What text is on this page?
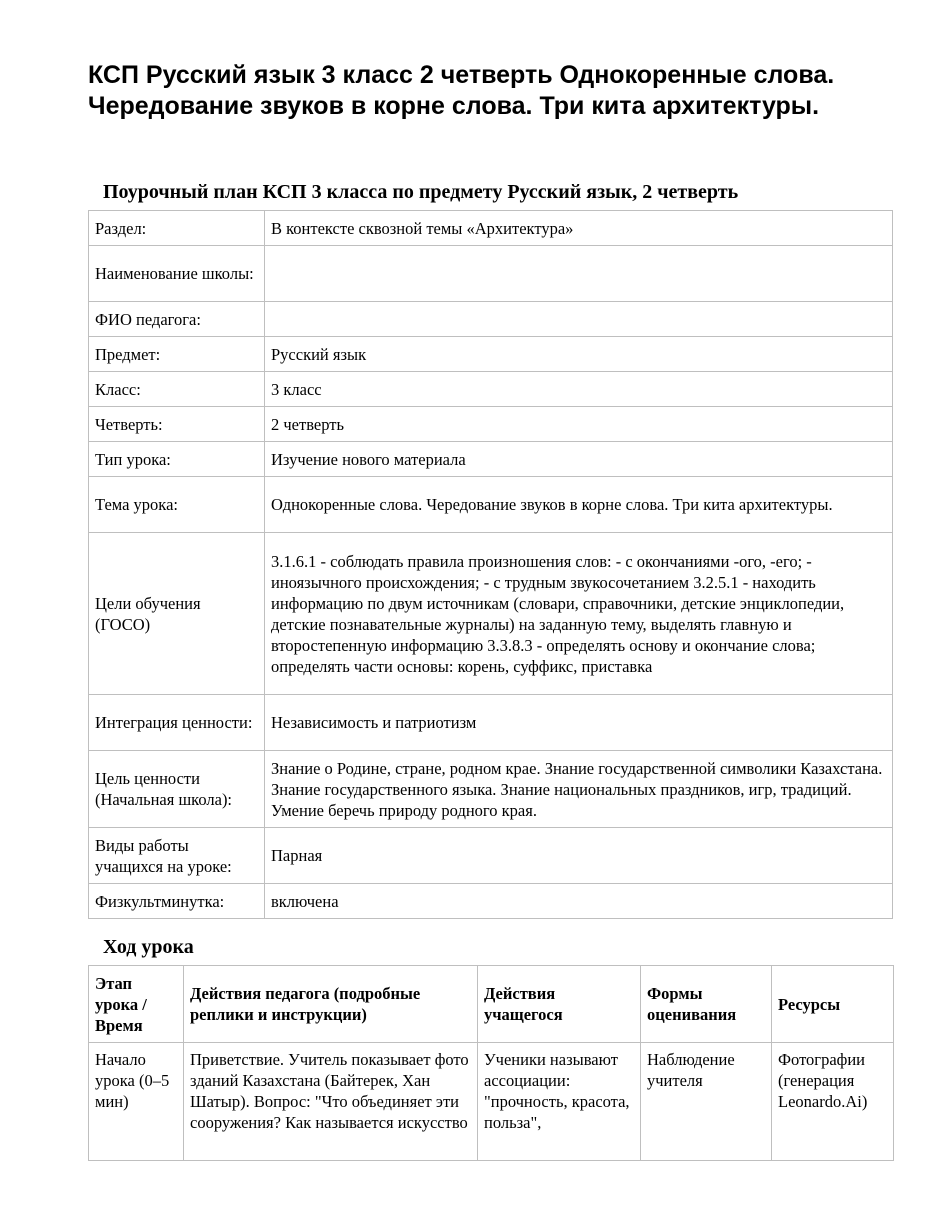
КСП Русский язык 3 класс 2 четверть Однокоренные слова. Чередование звуков в корне слова. Три кита архитектуры.
Поурочный план КСП 3 класса по предмету Русский язык, 2 четверть
Раздел:	В контексте сквозной темы «Архитектура»
Наименование школы:	
ФИО педагога:	
Предмет:	Русский язык
Класс:	3 класс
Четверть:	2 четверть
Тип урока:	Изучение нового материала
Тема урока:	Однокоренные слова. Чередование звуков в корне слова. Три кита архитектуры.
Цели обучения (ГОСО)	3.1.6.1 - соблюдать правила произношения слов: - с окончаниями -ого, -его; - иноязычного происхождения; - с трудным звукосочетанием 3.2.5.1 - находить информацию по двум источникам (словари, справочники, детские энциклопедии, детские познавательные журналы) на заданную тему, выделять главную и второстепенную информацию 3.3.8.3 - определять основу и окончание слова; определять части основы: корень, суффикс, приставка
Интеграция ценности:	Независимость и патриотизм
Цель ценности (Начальная школа):	Знание о Родине, стране, родном крае. Знание государственной символики Казахстана. Знание государственного языка. Знание национальных праздников, игр, традиций. Умение беречь природу родного края.
Виды работы учащихся на уроке:	Парная
Физкультминутка:	включена
Ход урока
Этап урока / Время	Действия педагога (подробные реплики и инструкции)	Действия учащегося	Формы оценивания	Ресурсы
Начало урока (0–5 мин)	Приветствие. Учитель показывает фото зданий Казахстана (Байтерек, Хан Шатыр). Вопрос: "Что объединяет эти сооружения? Как называется искусство	Ученики называют ассоциации: "прочность, красота, польза",	Наблюдение учителя	Фотографии (генерация Leonardo.Ai)
